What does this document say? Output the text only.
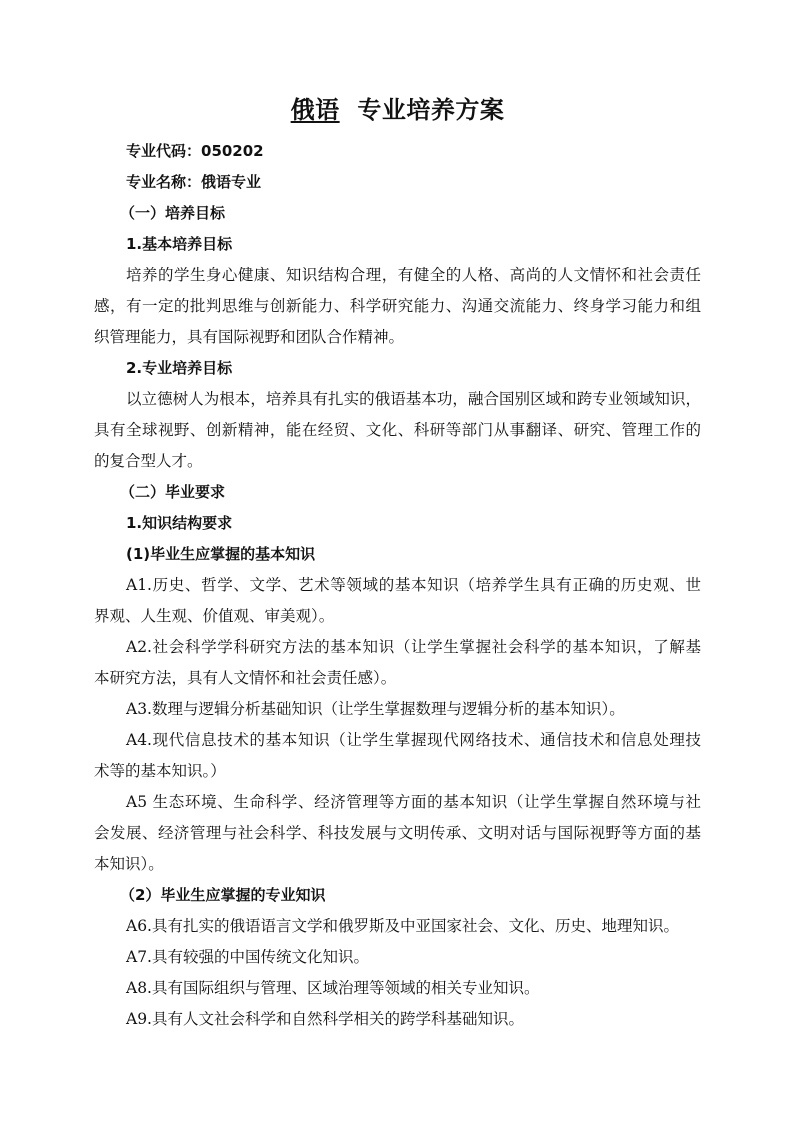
俄语 专业培养方案
专业代码：050202
专业名称：俄语专业
（一）培养目标
1.基本培养目标
培养的学生身心健康、知识结构合理，有健全的人格、高尚的人文情怀和社会责任
感，有一定的批判思维与创新能力、科学研究能力、沟通交流能力、终身学习能力和组
织管理能力，具有国际视野和团队合作精神。
2.专业培养目标
以立德树人为根本，培养具有扎实的俄语基本功，融合国别区域和跨专业领域知识，
具有全球视野、创新精神，能在经贸、文化、科研等部门从事翻译、研究、管理工作的
的复合型人才。
（二）毕业要求
1.知识结构要求
(1)毕业生应掌握的基本知识
A1.历史、哲学、文学、艺术等领域的基本知识（培养学生具有正确的历史观、世
界观、人生观、价值观、审美观）。
A2.社会科学学科研究方法的基本知识（让学生掌握社会科学的基本知识，了解基
本研究方法，具有人文情怀和社会责任感）。
A3.数理与逻辑分析基础知识（让学生掌握数理与逻辑分析的基本知识）。
A4.现代信息技术的基本知识（让学生掌握现代网络技术、通信技术和信息处理技
术等的基本知识。）
A5 生态环境、生命科学、经济管理等方面的基本知识（让学生掌握自然环境与社
会发展、经济管理与社会科学、科技发展与文明传承、文明对话与国际视野等方面的基
本知识）。
（2）毕业生应掌握的专业知识
A6.具有扎实的俄语语言文学和俄罗斯及中亚国家社会、文化、历史、地理知识。
A7.具有较强的中国传统文化知识。
A8.具有国际组织与管理、区域治理等领域的相关专业知识。
A9.具有人文社会科学和自然科学相关的跨学科基础知识。
